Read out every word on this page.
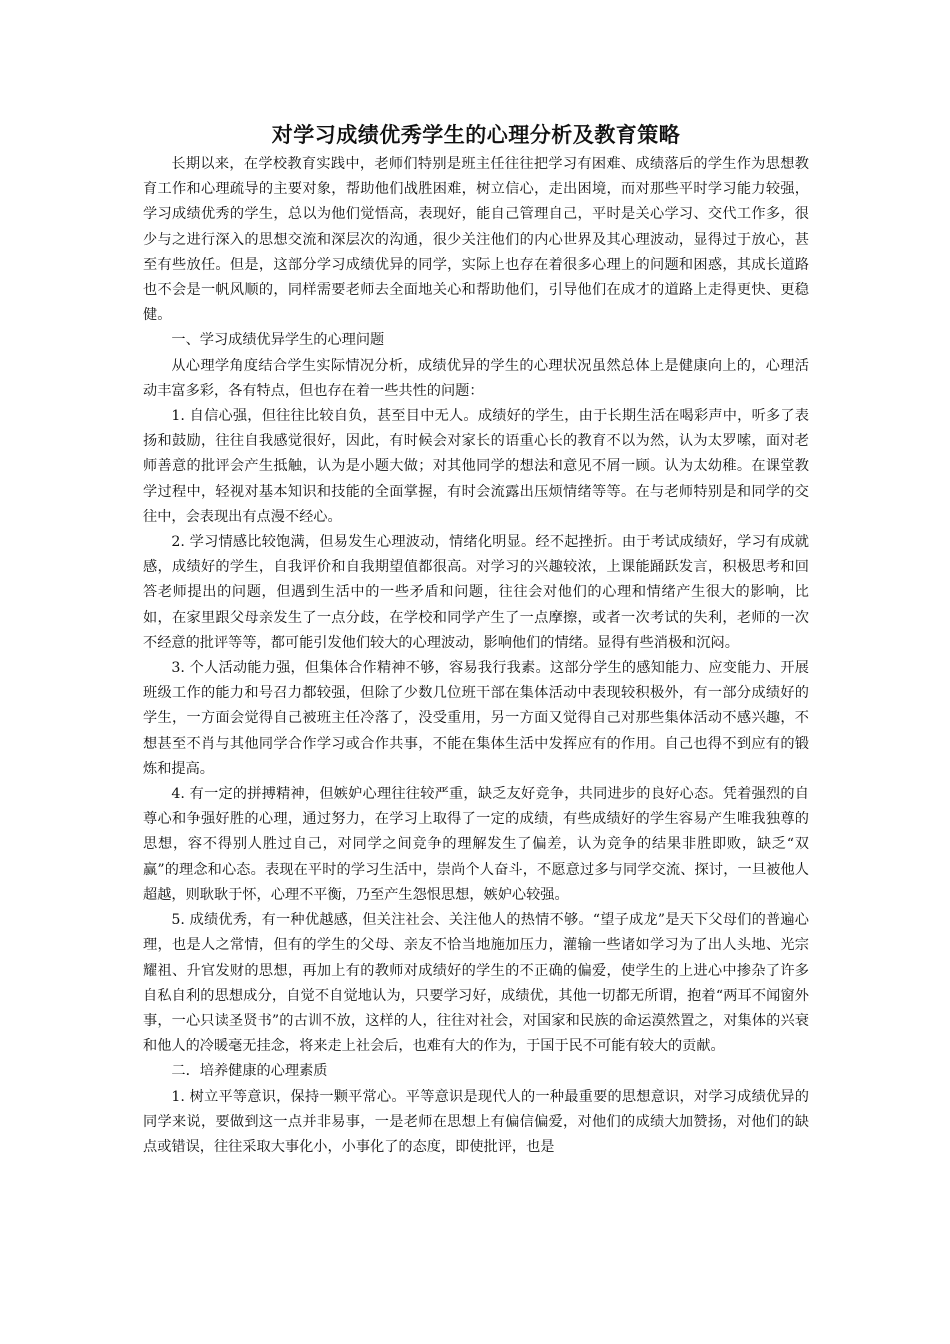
对学习成绩优秀学生的心理分析及教育策略

长期以来，在学校教育实践中，老师们特别是班主任往往把学习有困难、成绩落后的学生作为思想教育工作和心理疏导的主要对象，帮助他们战胜困难，树立信心，走出困境，而对那些平时学习能力较强，学习成绩优秀的学生，总以为他们觉悟高，表现好，能自己管理自己，平时是关心学习、交代工作多，很少与之进行深入的思想交流和深层次的沟通，很少关注他们的内心世界及其心理波动，显得过于放心，甚至有些放任。但是，这部分学习成绩优异的同学，实际上也存在着很多心理上的问题和困惑，其成长道路也不会是一帆风顺的，同样需要老师去全面地关心和帮助他们，引导他们在成才的道路上走得更快、更稳健。

一、学习成绩优异学生的心理问题

从心理学角度结合学生实际情况分析，成绩优异的学生的心理状况虽然总体上是健康向上的，心理活动丰富多彩，各有特点，但也存在着一些共性的问题：

1. 自信心强，但往往比较自负，甚至目中无人。成绩好的学生，由于长期生活在喝彩声中，听多了表扬和鼓励，往往自我感觉很好，因此，有时候会对家长的语重心长的教育不以为然，认为太罗嗦，面对老师善意的批评会产生抵触，认为是小题大做；对其他同学的想法和意见不屑一顾。认为太幼稚。在课堂教学过程中，轻视对基本知识和技能的全面掌握，有时会流露出压烦情绪等等。在与老师特别是和同学的交往中，会表现出有点漫不经心。

2. 学习情感比较饱满，但易发生心理波动，情绪化明显。经不起挫折。由于考试成绩好，学习有成就感，成绩好的学生，自我评价和自我期望值都很高。对学习的兴趣较浓，上课能踊跃发言，积极思考和回答老师提出的问题，但遇到生活中的一些矛盾和问题，往往会对他们的心理和情绪产生很大的影响，比如，在家里跟父母亲发生了一点分歧，在学校和同学产生了一点摩擦，或者一次考试的失利，老师的一次不经意的批评等等，都可能引发他们较大的心理波动，影响他们的情绪。显得有些消极和沉闷。

3. 个人活动能力强，但集体合作精神不够，容易我行我素。这部分学生的感知能力、应变能力、开展班级工作的能力和号召力都较强，但除了少数几位班干部在集体活动中表现较积极外，有一部分成绩好的学生，一方面会觉得自己被班主任冷落了，没受重用，另一方面又觉得自己对那些集体活动不感兴趣，不想甚至不肖与其他同学合作学习或合作共事，不能在集体生活中发挥应有的作用。自己也得不到应有的锻炼和提高。

4. 有一定的拼搏精神，但嫉妒心理往往较严重，缺乏友好竞争，共同进步的良好心态。凭着强烈的自尊心和争强好胜的心理，通过努力，在学习上取得了一定的成绩，有些成绩好的学生容易产生唯我独尊的思想，容不得别人胜过自己，对同学之间竞争的理解发生了偏差，认为竞争的结果非胜即败，缺乏“双赢”的理念和心态。表现在平时的学习生活中，崇尚个人奋斗，不愿意过多与同学交流、探讨，一旦被他人超越，则耿耿于怀，心理不平衡，乃至产生怨恨思想，嫉妒心较强。

5. 成绩优秀，有一种优越感，但关注社会、关注他人的热情不够。“望子成龙”是天下父母们的普遍心理，也是人之常情，但有的学生的父母、亲友不恰当地施加压力，灌输一些诸如学习为了出人头地、光宗耀祖、升官发财的思想，再加上有的教师对成绩好的学生的不正确的偏爱，使学生的上进心中掺杂了许多自私自利的思想成分，自觉不自觉地认为，只要学习好，成绩优，其他一切都无所谓，抱着“两耳不闻窗外事，一心只读圣贤书”的古训不放，这样的人，往往对社会，对国家和民族的命运漠然置之，对集体的兴衰和他人的冷暖毫无挂念，将来走上社会后，也难有大的作为，于国于民不可能有较大的贡献。

二．培养健康的心理素质

1. 树立平等意识，保持一颗平常心。平等意识是现代人的一种最重要的思想意识，对学习成绩优异的同学来说，要做到这一点并非易事，一是老师在思想上有偏信偏爱，对他们的成绩大加赞扬，对他们的缺点或错误，往往采取大事化小，小事化了的态度，即使批评，也是
